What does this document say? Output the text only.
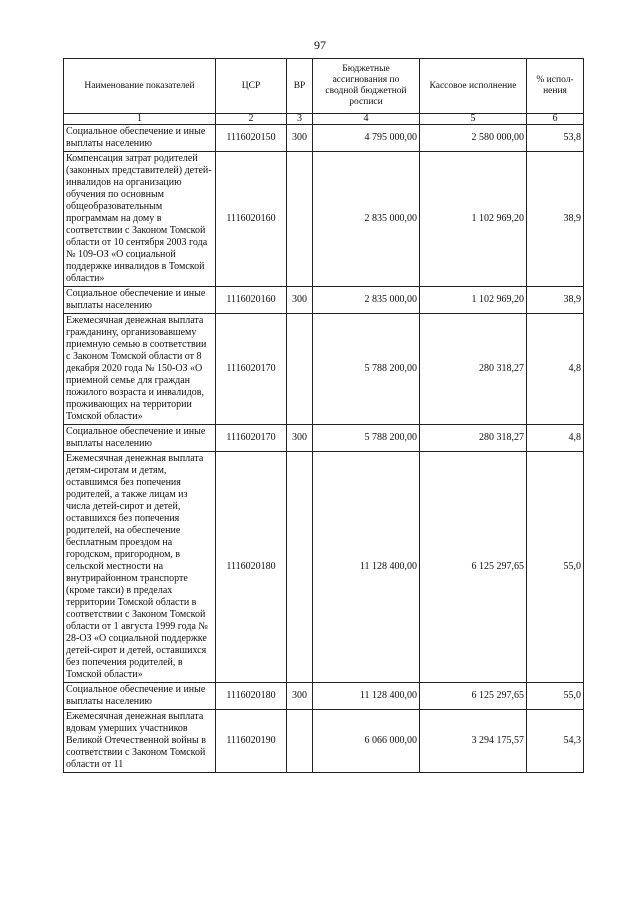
97
Наименование показателей	ЦСР	ВР	Бюджетные ассигнования по сводной бюджетной росписи	Кассовое исполнение	% испол-нения
1	2	3	4	5	6
Социальное обеспечение и иные выплаты населению	1116020150	300	4 795 000,00	2 580 000,00	53,8
Компенсация затрат родителей (законных представителей) детей-инвалидов на организацию обучения по основным общеобразовательным программам на дому в соответствии с Законом Томской области от 10 сентября 2003 года № 109-ОЗ «О социальной поддержке инвалидов в Томской области»	1116020160		2 835 000,00	1 102 969,20	38,9
Социальное обеспечение и иные выплаты населению	1116020160	300	2 835 000,00	1 102 969,20	38,9
Ежемесячная денежная выплата гражданину, организовавшему приемную семью в соответствии с Законом Томской области от 8 декабря 2020 года № 150-ОЗ «О приемной семье для граждан пожилого возраста и инвалидов, проживающих на территории Томской области»	1116020170		5 788 200,00	280 318,27	4,8
Социальное обеспечение и иные выплаты населению	1116020170	300	5 788 200,00	280 318,27	4,8
Ежемесячная денежная выплата детям-сиротам и детям, оставшимся без попечения родителей, а также лицам из числа детей-сирот и детей, оставшихся без попечения родителей, на обеспечение бесплатным проездом на городском, пригородном, в сельской местности на внутрирайонном транспорте (кроме такси) в пределах территории Томской области в соответствии с Законом Томской области от 1 августа 1999 года № 28-ОЗ «О социальной поддержке детей-сирот и детей, оставшихся без попечения родителей, в Томской области»	1116020180		11 128 400,00	6 125 297,65	55,0
Социальное обеспечение и иные выплаты населению	1116020180	300	11 128 400,00	6 125 297,65	55,0
Ежемесячная денежная выплата вдовам умерших участников Великой Отечественной войны в соответствии с Законом Томской области от 11	1116020190		6 066 000,00	3 294 175,57	54,3
